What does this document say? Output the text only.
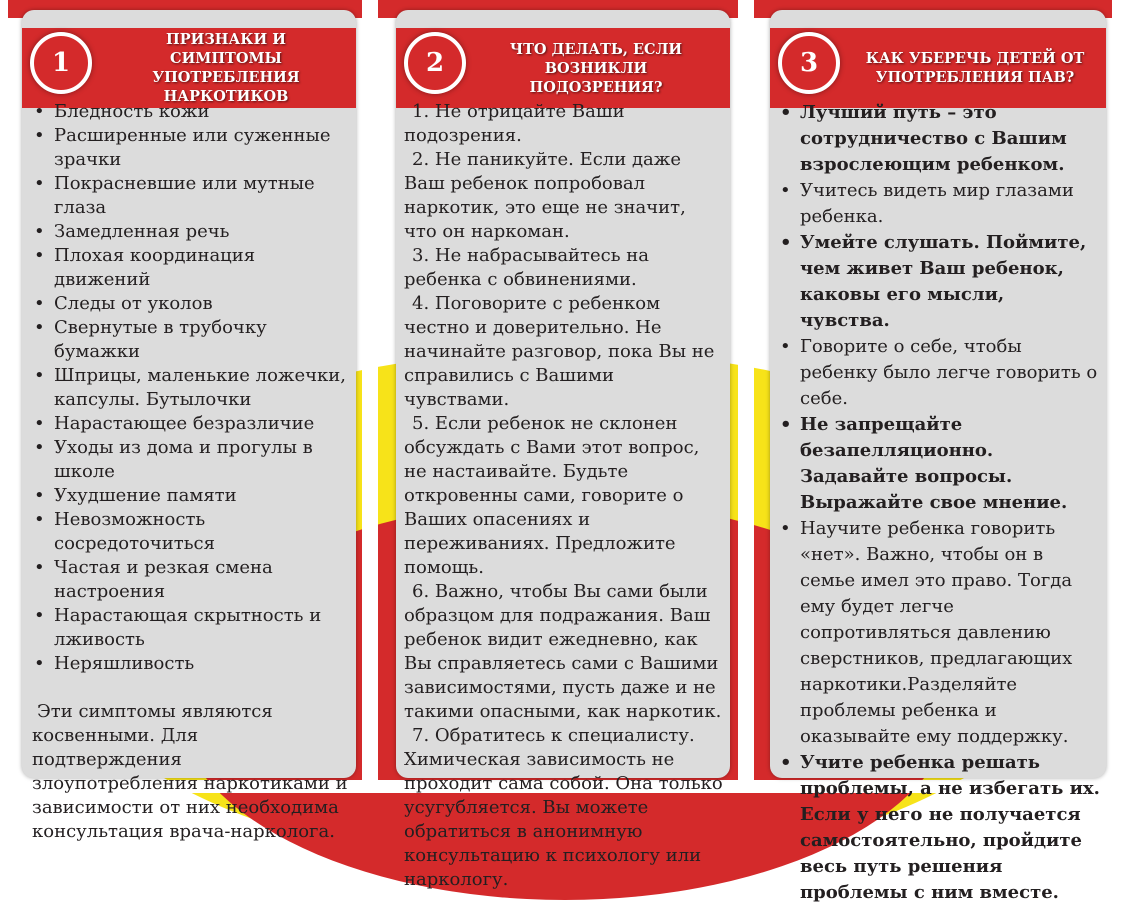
ПРИЗНАКИ И СИМПТОМЫ УПОТРЕБЛЕНИЯ НАРКОТИКОВ
1
• Бледность кожи
• Расширенные или суженные зрачки
• Покрасневшие или мутные глаза
• Замедленная речь
• Плохая координация движений
• Следы от уколов
• Свернутые в трубочку бумажки
• Шприцы, маленькие ложечки, капсулы. Бутылочки
• Нарастающее безразличие
• Уходы из дома и прогулы в школе
• Ухудшение памяти
• Невозможность сосредоточиться
• Частая и резкая смена настроения
• Нарастающая скрытность и лживость
• Неряшливость

Эти симптомы являются косвенными. Для подтверждения злоупотребления наркотиками и зависимости от них необходима консультация врача-нарколога.

ЧТО ДЕЛАТЬ, ЕСЛИ ВОЗНИКЛИ ПОДОЗРЕНИЯ?
2

1. Не отрицайте Ваши подозрения.

2. Не паникуйте. Если даже Ваш ребенок попробовал наркотик, это еще не значит, что он наркоман.

3. Не набрасывайтесь на ребенка с обвинениями.

4. Поговорите с ребенком честно и доверительно. Не начинайте разговор, пока Вы не справились с Вашими чувствами.

5. Если ребенок не склонен обсуждать с Вами этот вопрос, не настаивайте. Будьте откровенны сами, говорите о Ваших опасениях и переживаниях. Предложите помощь.

6. Важно, чтобы Вы сами были образцом для подражания. Ваш ребенок видит ежедневно, как Вы справляетесь сами с Вашими зависимостями, пусть даже и не такими опасными, как наркотик.

7. Обратитесь к специалисту. Химическая зависимость не проходит сама собой. Она только усугубляется. Вы можете обратиться в анонимную консультацию к психологу или наркологу.

КАК УБЕРЕЧЬ ДЕТЕЙ ОТ УПОТРЕБЛЕНИЯ ПАВ?
3
• Лучший путь – это сотрудничество с Вашим взрослеющим ребенком.
• Учитесь видеть мир глазами ребенка.
• Умейте слушать. Поймите, чем живет Ваш ребенок, каковы его мысли, чувства.
• Говорите о себе, чтобы ребенку было легче говорить о себе.
• Не запрещайте безапелляционно. Задавайте вопросы. Выражайте свое мнение.
• Научите ребенка говорить «нет». Важно, чтобы он в семье имел это право. Тогда ему будет легче сопротивляться давлению сверстников, предлагающих наркотики.Разделяйте проблемы ребенка и оказывайте ему поддержку.
• Учите ребенка решать проблемы, а не избегать их. Если у него не получается самостоятельно, пройдите весь путь решения проблемы с ним вместе.
